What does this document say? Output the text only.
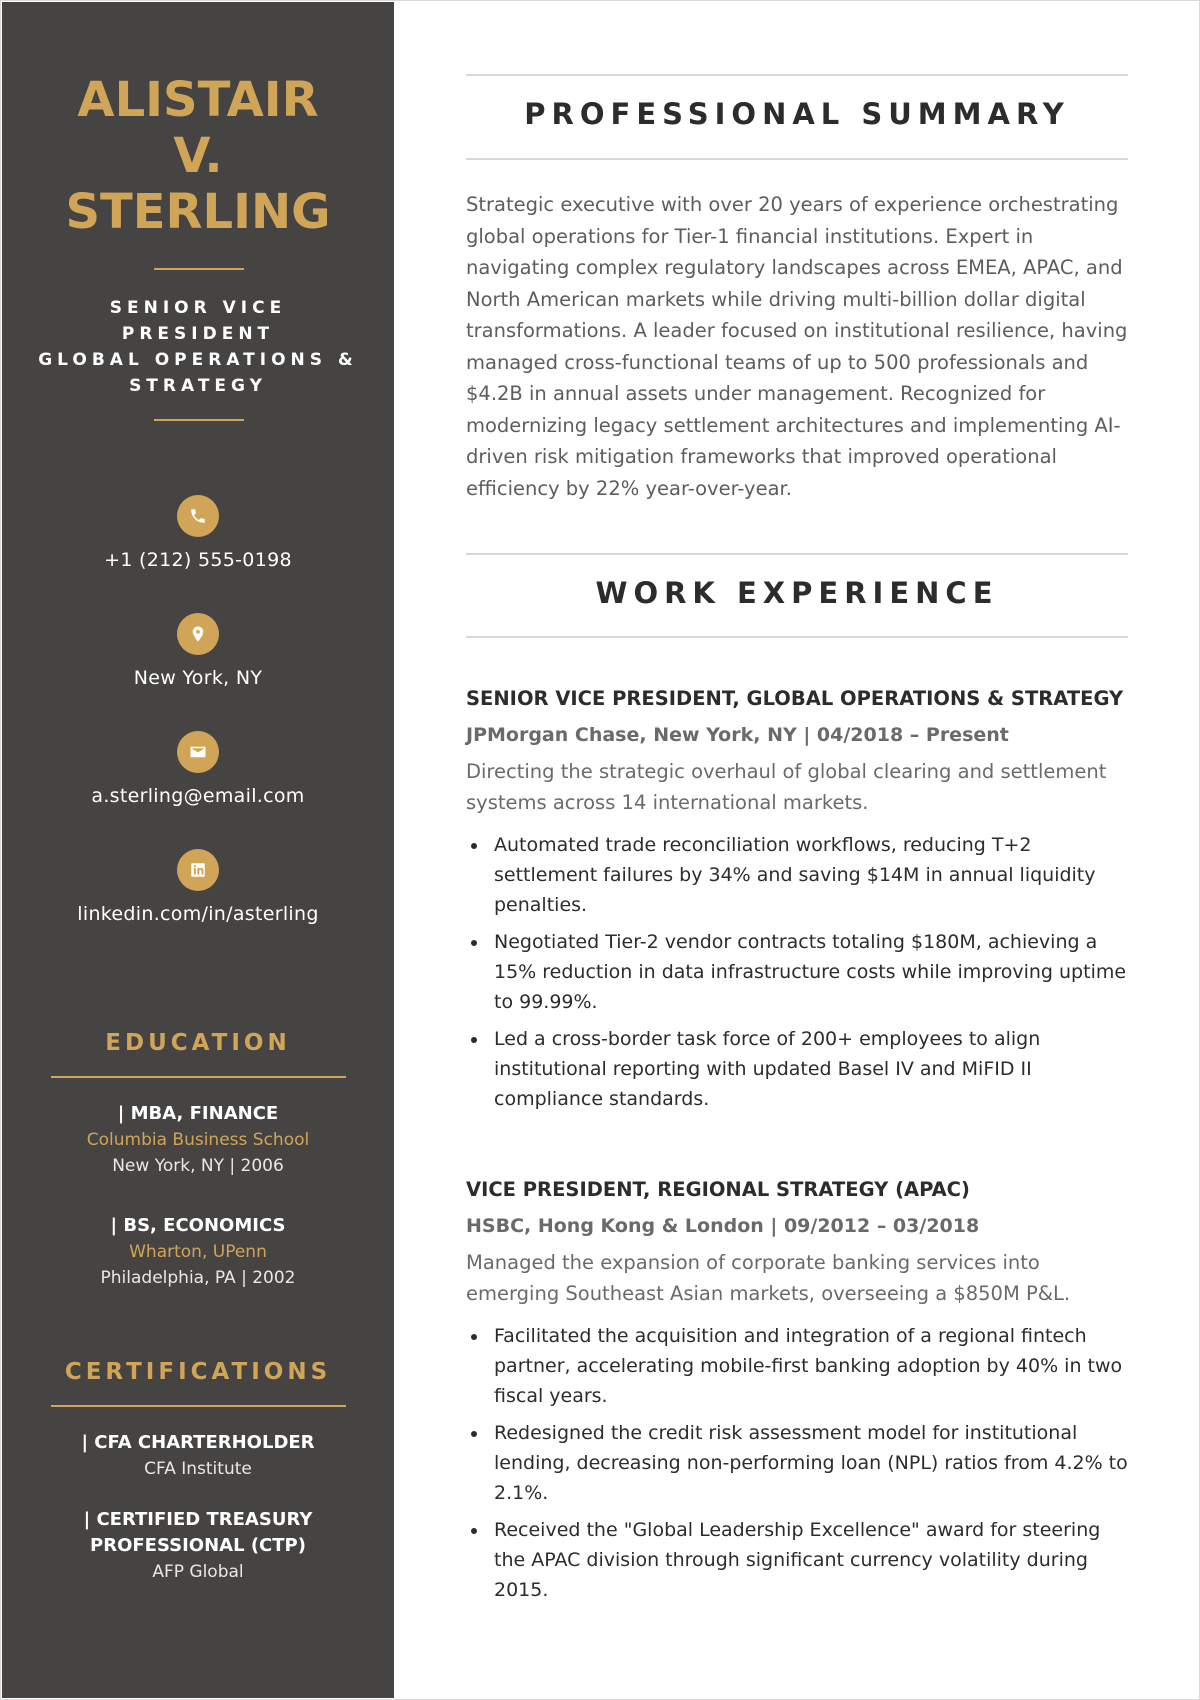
ALISTAIR
V.
STERLING
SENIOR VICE
PRESIDENT
GLOBAL OPERATIONS &
STRATEGY
+1 (212) 555-0198
New York, NY
a.sterling@email.com
linkedin.com/in/asterling
EDUCATION
| MBA, FINANCE
Columbia Business School
New York, NY | 2006
| BS, ECONOMICS
Wharton, UPenn
Philadelphia, PA | 2002
CERTIFICATIONS
| CFA CHARTERHOLDER
CFA Institute
| CERTIFIED TREASURY
PROFESSIONAL (CTP)
AFP Global
PROFESSIONAL SUMMARY

Strategic executive with over 20 years of experience orchestrating global operations for Tier-1 financial institutions. Expert in navigating complex regulatory landscapes across EMEA, APAC, and North American markets while driving multi-billion dollar digital transformations. A leader focused on institutional resilience, having managed cross-functional teams of up to 500 professionals and $4.2B in annual assets under management. Recognized for modernizing legacy settlement architectures and implementing AI-driven risk mitigation frameworks that improved operational efficiency by 22% year-over-year.

WORK EXPERIENCE
SENIOR VICE PRESIDENT, GLOBAL OPERATIONS & STRATEGY
JPMorgan Chase, New York, NY | 04/2018 – Present
Directing the strategic overhaul of global clearing and settlement systems across 14 international markets.
Automated trade reconciliation workflows, reducing T+2 settlement failures by 34% and saving $14M in annual liquidity penalties.
Negotiated Tier-2 vendor contracts totaling $180M, achieving a 15% reduction in data infrastructure costs while improving uptime to 99.99%.
Led a cross-border task force of 200+ employees to align institutional reporting with updated Basel IV and MiFID II compliance standards.
VICE PRESIDENT, REGIONAL STRATEGY (APAC)
HSBC, Hong Kong & London | 09/2012 – 03/2018
Managed the expansion of corporate banking services into emerging Southeast Asian markets, overseeing a $850M P&L.
Facilitated the acquisition and integration of a regional fintech partner, accelerating mobile-first banking adoption by 40% in two fiscal years.
Redesigned the credit risk assessment model for institutional lending, decreasing non-performing loan (NPL) ratios from 4.2% to 2.1%.
Received the "Global Leadership Excellence" award for steering the APAC division through significant currency volatility during 2015.
